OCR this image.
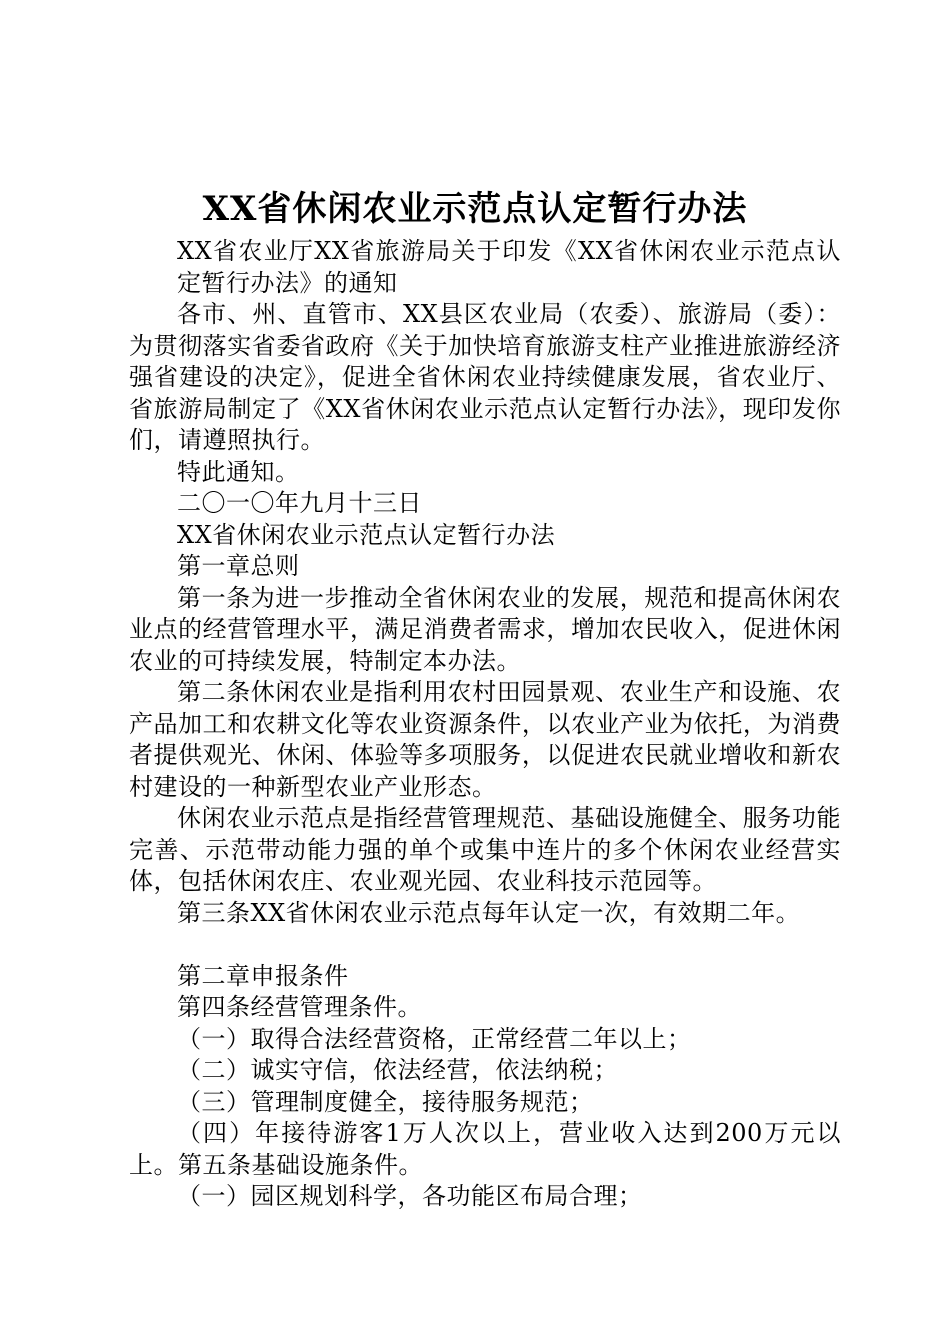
XX省休闲农业示范点认定暂行办法

XX省农业厅XX省旅游局关于印发《XX省休闲农业示范点认定暂行办法》的通知

各市、州、直管市、XX县区农业局（农委）、旅游局（委）：为贯彻落实省委省政府《关于加快培育旅游支柱产业推进旅游经济强省建设的决定》，促进全省休闲农业持续健康发展，省农业厅、省旅游局制定了《XX省休闲农业示范点认定暂行办法》，现印发你们，请遵照执行。

特此通知。

二〇一〇年九月十三日

XX省休闲农业示范点认定暂行办法

第一章总则

第一条为进一步推动全省休闲农业的发展，规范和提高休闲农业点的经营管理水平，满足消费者需求，增加农民收入，促进休闲农业的可持续发展，特制定本办法。

第二条休闲农业是指利用农村田园景观、农业生产和设施、农产品加工和农耕文化等农业资源条件，以农业产业为依托，为消费者提供观光、休闲、体验等多项服务，以促进农民就业增收和新农村建设的一种新型农业产业形态。

休闲农业示范点是指经营管理规范、基础设施健全、服务功能完善、示范带动能力强的单个或集中连片的多个休闲农业经营实体，包括休闲农庄、农业观光园、农业科技示范园等。

第三条XX省休闲农业示范点每年认定一次，有效期二年。

第二章申报条件

第四条经营管理条件。

（一）取得合法经营资格，正常经营二年以上；

（二）诚实守信，依法经营，依法纳税；

（三）管理制度健全，接待服务规范；

（四）年接待游客1万人次以上，营业收入达到200万元以上。第五条基础设施条件。

（一）园区规划科学，各功能区布局合理；
